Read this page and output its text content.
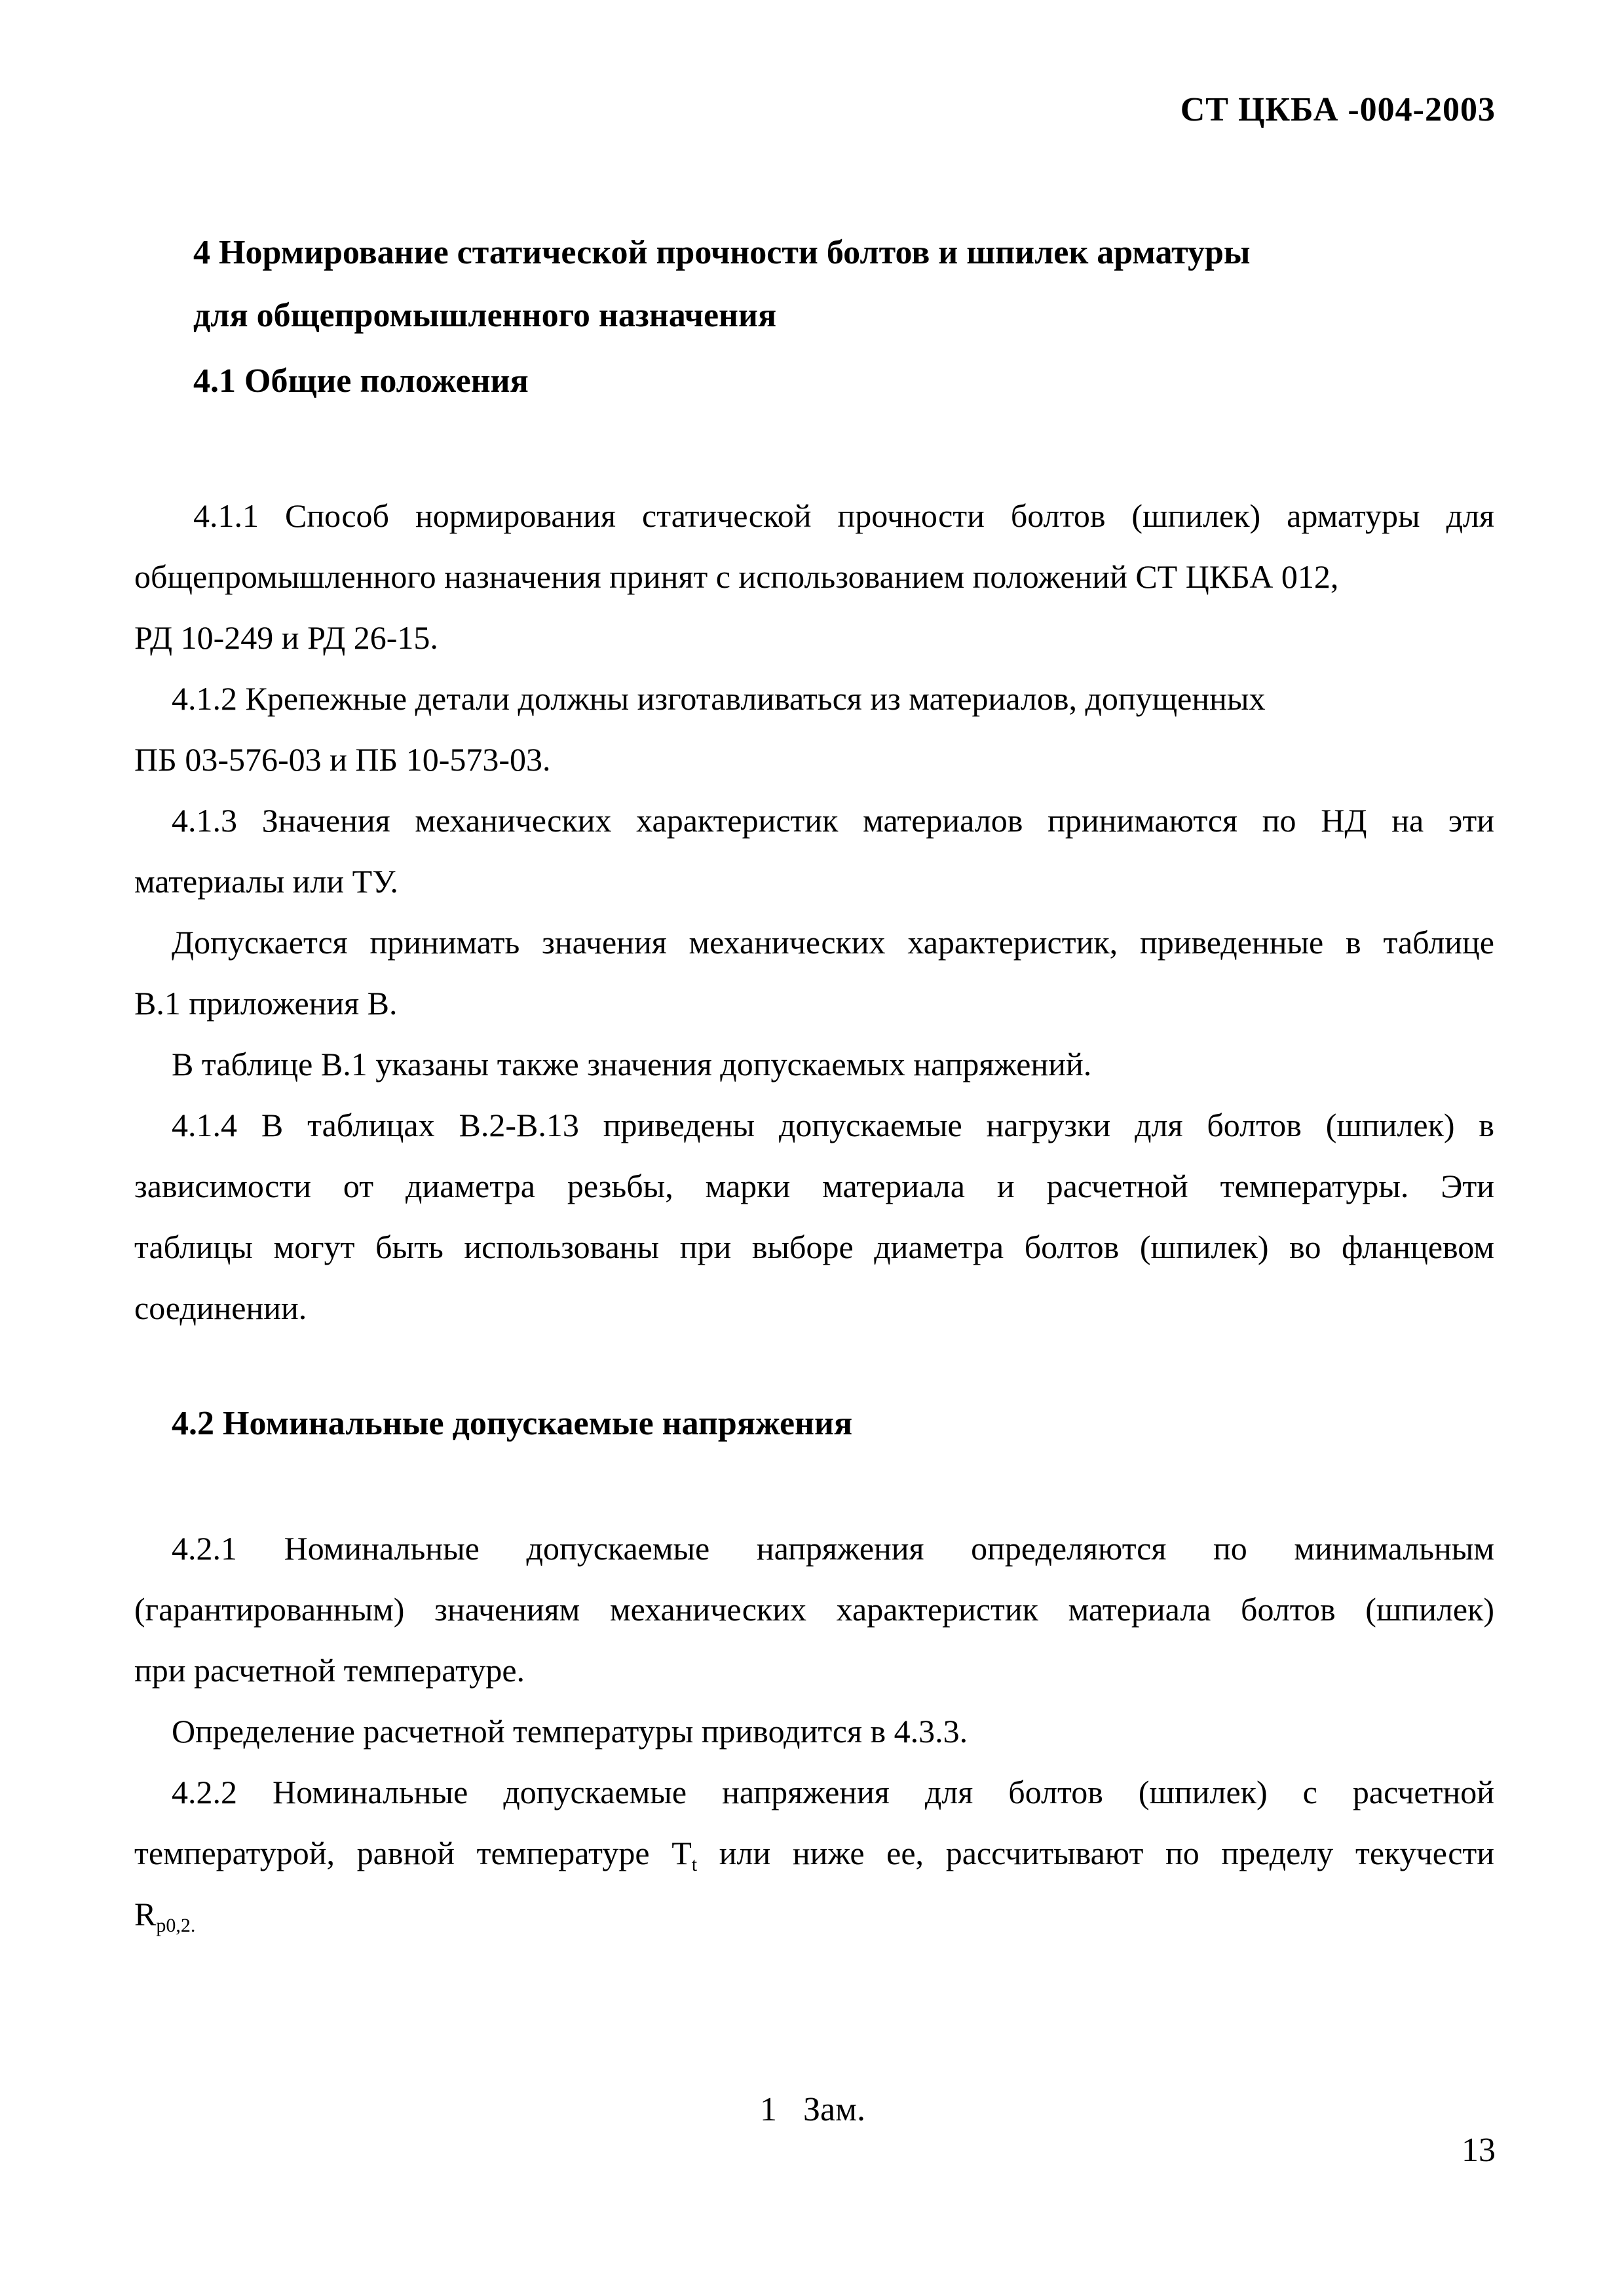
СТ ЦКБА -004-2003
4 Нормирование статической прочности болтов и шпилек арматуры
для общепромышленного назначения
4.1 Общие положения
4.1.1 Способ нормирования статической прочности болтов (шпилек) арматуры для
общепромышленного назначения принят с использованием положений СТ ЦКБА 012,
РД 10-249 и РД 26-15.
4.1.2 Крепежные детали должны изготавливаться из материалов, допущенных
ПБ 03-576-03 и ПБ 10-573-03.
4.1.3 Значения механических характеристик материалов принимаются по НД на эти
материалы или ТУ.
Допускается принимать значения механических характеристик, приведенные в таблице
В.1 приложения В.
В таблице В.1 указаны также значения допускаемых напряжений.
4.1.4 В таблицах В.2-В.13 приведены допускаемые нагрузки для болтов (шпилек) в
зависимости от диаметра резьбы, марки материала и расчетной температуры. Эти
таблицы могут быть использованы при выборе диаметра болтов (шпилек) во фланцевом
соединении.
4.2 Номинальные допускаемые напряжения
4.2.1 Номинальные допускаемые напряжения определяются по минимальным
(гарантированным) значениям механических характеристик материала болтов (шпилек)
при расчетной температуре.
Определение расчетной температуры приводится в 4.3.3.
4.2.2 Номинальные допускаемые напряжения для болтов (шпилек) с расчетной
температурой, равной температуре $T_t$ или ниже ее, рассчитывают по пределу текучести
$R_{p0,2.}$
1 Зам.
13
